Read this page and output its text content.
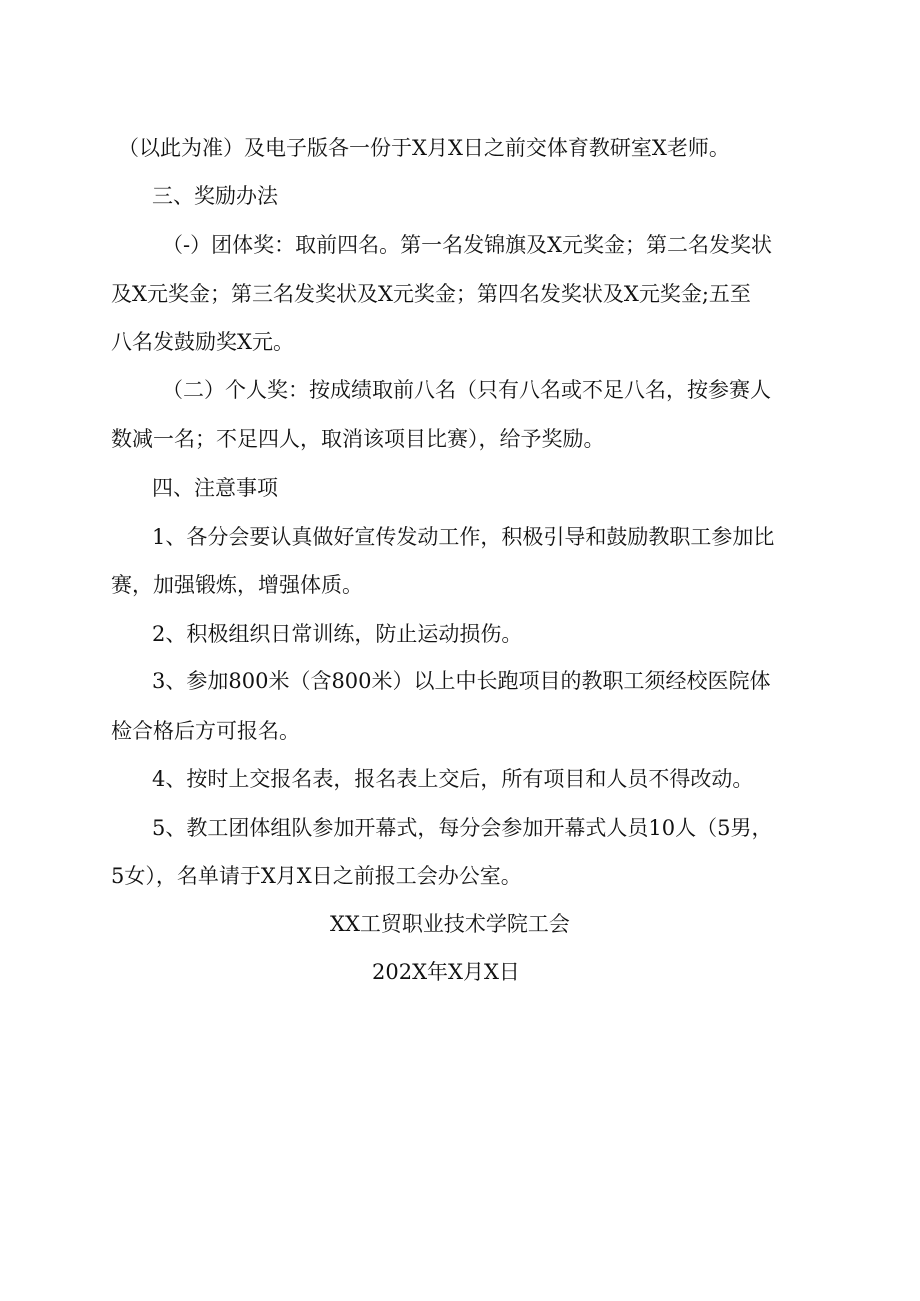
（以此为准）及电子版各一份于X月X日之前交体育教研室X老师。
三、奖励办法
（-）团体奖：取前四名。第一名发锦旗及X元奖金；第二名发奖状
及X元奖金；第三名发奖状及X元奖金；第四名发奖状及X元奖金;五至
八名发鼓励奖X元。
（二）个人奖：按成绩取前八名（只有八名或不足八名，按参赛人
数减一名；不足四人，取消该项目比赛），给予奖励。
四、注意事项
1、各分会要认真做好宣传发动工作，积极引导和鼓励教职工参加比
赛，加强锻炼，增强体质。
2、积极组织日常训练，防止运动损伤。
3、参加800米（含800米）以上中长跑项目的教职工须经校医院体
检合格后方可报名。
4、按时上交报名表，报名表上交后，所有项目和人员不得改动。
5、教工团体组队参加开幕式，每分会参加开幕式人员10人（5男，
5女），名单请于X月X日之前报工会办公室。
XX工贸职业技术学院工会
202X年X月X日
